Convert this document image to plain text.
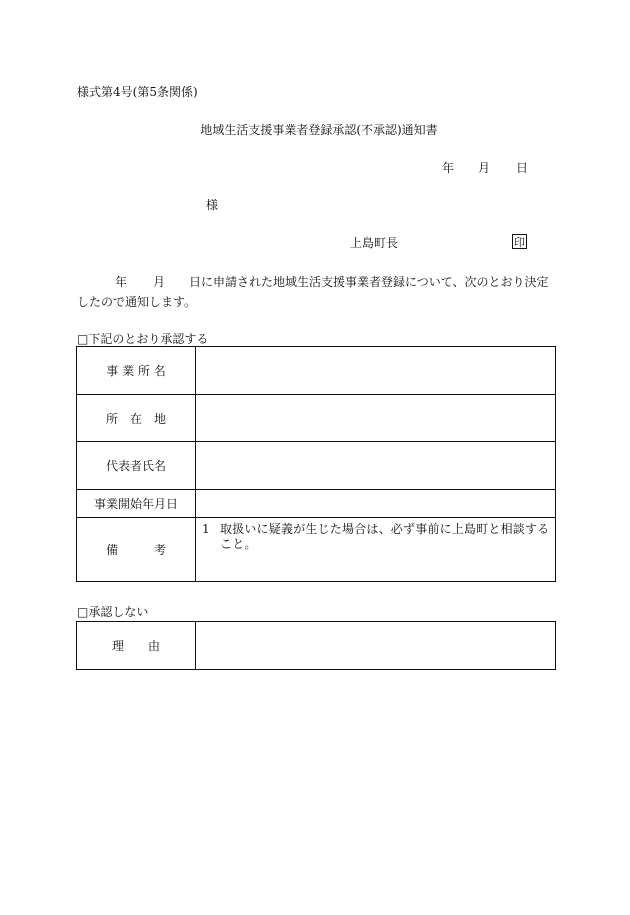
様式第4号(第5条関係)
地域生活支援事業者登録承認(不承認)通知書
年	月	日
様
上島町長	印
年 月 日に申請された地域生活支援事業者登録について、次のとおり決定したので通知します。
□下記のとおり承認する
事 業 所 名	
所　在　地	
代表者氏名	
事業開始年月日	
備　　　考	1 取扱いに疑義が生じた場合は、必ず事前に上島町と相談すること。
□承認しない
理　　由	
